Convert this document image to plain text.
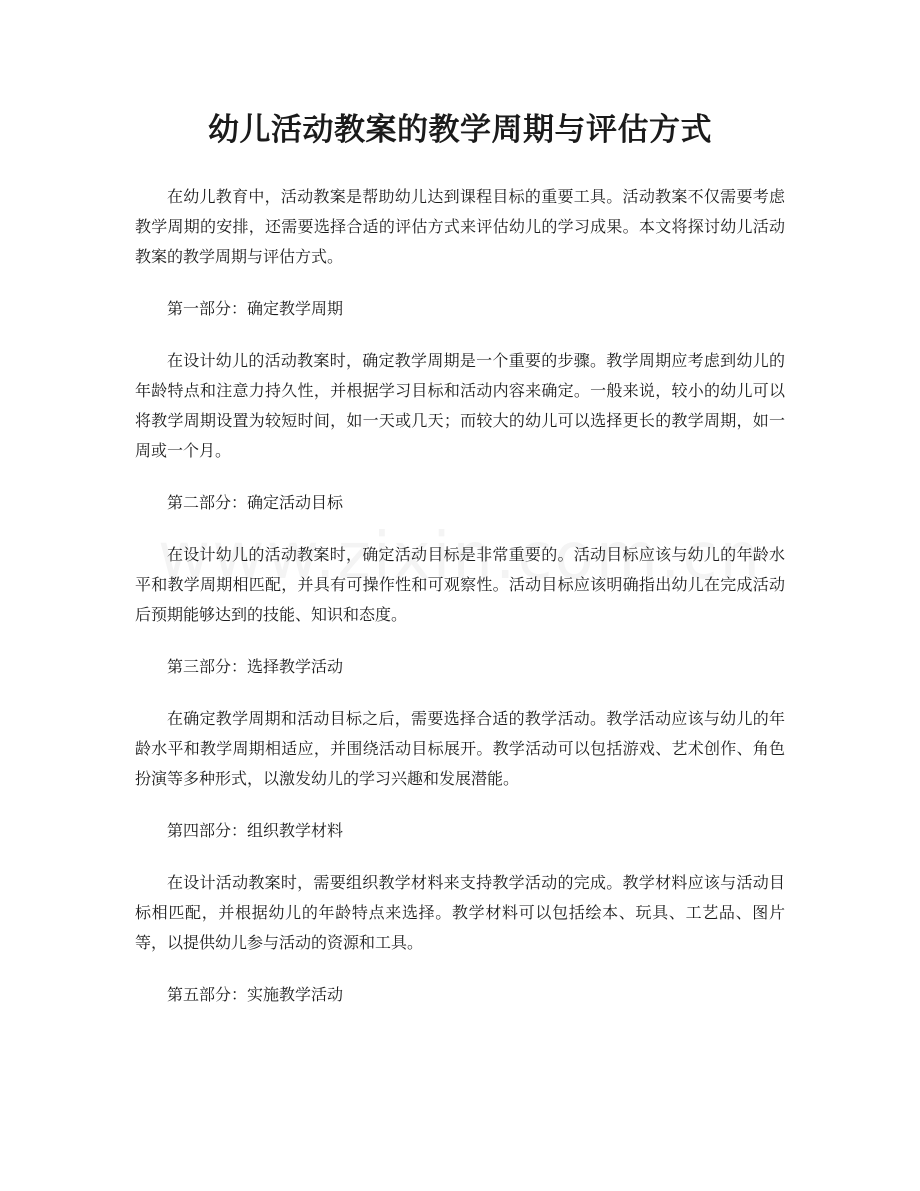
幼儿活动教案的教学周期与评估方式

在幼儿教育中，活动教案是帮助幼儿达到课程目标的重要工具。活动教案不仅需要考虑教学周期的安排，还需要选择合适的评估方式来评估幼儿的学习成果。本文将探讨幼儿活动教案的教学周期与评估方式。

第一部分：确定教学周期

在设计幼儿的活动教案时，确定教学周期是一个重要的步骤。教学周期应考虑到幼儿的年龄特点和注意力持久性，并根据学习目标和活动内容来确定。一般来说，较小的幼儿可以将教学周期设置为较短时间，如一天或几天；而较大的幼儿可以选择更长的教学周期，如一周或一个月。

第二部分：确定活动目标

在设计幼儿的活动教案时，确定活动目标是非常重要的。活动目标应该与幼儿的年龄水平和教学周期相匹配，并具有可操作性和可观察性。活动目标应该明确指出幼儿在完成活动后预期能够达到的技能、知识和态度。

第三部分：选择教学活动

在确定教学周期和活动目标之后，需要选择合适的教学活动。教学活动应该与幼儿的年龄水平和教学周期相适应，并围绕活动目标展开。教学活动可以包括游戏、艺术创作、角色扮演等多种形式，以激发幼儿的学习兴趣和发展潜能。

第四部分：组织教学材料

在设计活动教案时，需要组织教学材料来支持教学活动的完成。教学材料应该与活动目标相匹配，并根据幼儿的年龄特点来选择。教学材料可以包括绘本、玩具、工艺品、图片等，以提供幼儿参与活动的资源和工具。

第五部分：实施教学活动
